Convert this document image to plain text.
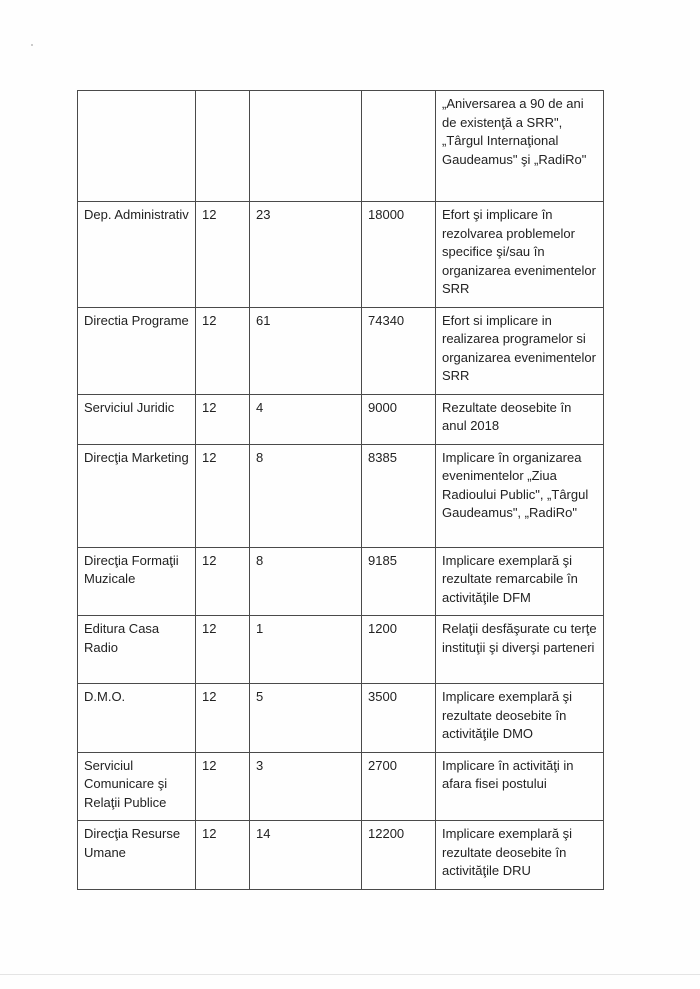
				„Aniversarea a 90 de ani de existenţă a SRR", „Târgul Internaţional Gaudeamus" şi „RadiRo"
Dep. Administrativ	12	23	18000	Efort şi implicare în rezolvarea problemelor specifice şi/sau în organizarea evenimentelor SRR
Directia Programe	12	61	74340	Efort si implicare in realizarea programelor si organizarea evenimentelor SRR
Serviciul Juridic	12	4	9000	Rezultate deosebite în anul 2018
Direcţia Marketing	12	8	8385	Implicare în organizarea evenimentelor „Ziua Radioului Public", „Târgul Gaudeamus", „RadiRo"
Direcţia Formaţii Muzicale	12	8	9185	Implicare exemplară şi rezultate remarcabile în activităţile DFM
Editura Casa Radio	12	1	1200	Relaţii desfăşurate cu terţe instituţii şi diverşi parteneri
D.M.O.	12	5	3500	Implicare exemplară şi rezultate deosebite în activităţile DMO
Serviciul Comunicare şi Relaţii Publice	12	3	2700	Implicare în activităţi in afara fisei postului
Direcţia Resurse Umane	12	14	12200	Implicare exemplară şi rezultate deosebite în activităţile DRU
